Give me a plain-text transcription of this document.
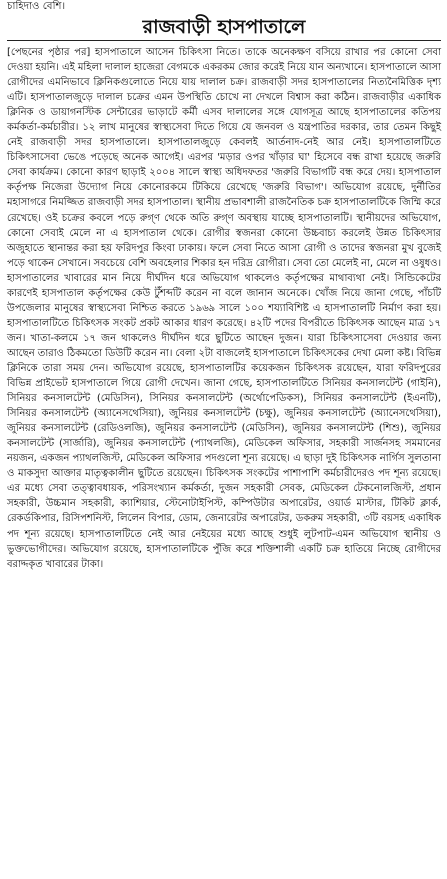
চাহিদাও বেশি।

রাজবাড়ী হাসপাতালে

[পেছনের পৃষ্ঠার পর] হাসপাতালে আসেন চিকিৎসা নিতে। তাকে অনেকক্ষণ বসিয়ে রাখার পর কোনো সেবা দেওয়া হয়নি। এই মহিলা দালাল হাজেরা বেগমকে একরকম জোর করেই নিয়ে যান অন্যখানে। হাসপাতালে আসা রোগীদের এমনিভাবে ক্লিনিকগুলোতে নিয়ে যায় দালাল চক্র। রাজবাড়ী সদর হাসপাতালের নিত্যনৈমিত্তিক দৃশ্য এটি। হাসপাতালজুড়ে দালাল চক্রের এমন উপস্থিতি চোখে না দেখলে বিশ্বাস করা কঠিন। রাজবাড়ীর একাধিক ক্লিনিক ও ডায়াগনস্টিক সেন্টারের ভাড়াটে কর্মী এসব দালালের সঙ্গে যোগসূত্র আছে হাসপাতালের কতিপয় কর্মকর্তা-কর্মচারীর। ১২ লাখ মানুষের স্বাস্থ্যসেবা দিতে গিয়ে যে জনবল ও যন্ত্রপাতির দরকার, তার তেমন কিছুই নেই রাজবাড়ী সদর হাসপাতালে। হাসপাতালজুড়ে কেবলই আর্তনাদ-নেই আর নেই। হাসপাতালটিতে চিকিৎসাসেবা ভেঙে পড়েছে অনেক আগেই। এরপর 'মড়ার ওপর খাঁড়ার ঘা' হিসেবে বন্ধ রাখা হয়েছে জরুরি সেবা কার্যক্রম। কোনো কারণ ছাড়াই ২০০৪ সালে স্বাস্থ্য অধিদফতর 'জরুরি বিভাগটি বন্ধ করে দেয়। হাসপাতাল কর্তৃপক্ষ নিজেরা উদ্যোগ নিয়ে কোনোরকমে টিকিয়ে রেখেছে 'জরুরি বিভাগ'। অভিযোগ রয়েছে, দুর্নীতির মহাসাগরে নিমজ্জিত রাজবাড়ী সদর হাসপাতাল। স্থানীয় প্রভাবশালী রাজনৈতিক চক্র হাসপাতালটিকে জিম্মি করে রেখেছে। ওই চক্রের কবলে পড়ে রুগ্‌ণ থেকে অতি রুগ্‌ণ অবস্থায় যাচ্ছে হাসপাতালটি। স্থানীয়দের অভিযোগ, কোনো সেবাই মেলে না এ হাসপাতাল থেকে। রোগীর স্বজনরা কোনো উচ্চবাচ্য করলেই উন্নত চিকিৎসার অজুহাতে স্থানান্তর করা হয় ফরিদপুর কিংবা ঢাকায়। ফলে সেবা নিতে আসা রোগী ও তাদের স্বজনরা মুখ বুজেই পড়ে থাকেন সেখানে। সবচেয়ে বেশি অবহেলার শিকার হন দরিদ্র রোগীরা। সেবা তো মেলেই না, মেলে না ওষুধও। হাসপাতালের খাবারের মান নিয়ে দীর্ঘদিন ধরে অভিযোগ থাকলেও কর্তৃপক্ষের মাথাব্যথা নেই। সিন্ডিকেটের কারণেই হাসপাতাল কর্তৃপক্ষের কেউ টুঁশব্দটি করেন না বলে জানান অনেকে। খোঁজ নিয়ে জানা গেছে, পাঁচটি উপজেলার মানুষের স্বাস্থ্যসেবা নিশ্চিত করতে ১৯৬৯ সালে ১০০ শয্যাবিশিষ্ট এ হাসপাতালটি নির্মাণ করা হয়। হাসপাতালটিতে চিকিৎসক সংকট প্রকট আকার ধারণ করেছে। ৪২টি পদের বিপরীতে চিকিৎসক আছেন মাত্র ১৭ জন। খাতা-কলমে ১৭ জন থাকলেও দীর্ঘদিন ধরে ছুটিতে আছেন দুজন। যারা চিকিৎসাসেবা দেওয়ার জন্য আছেন তারাও ঠিকমতো ডিউটি করেন না। বেলা ২টা বাজলেই হাসপাতালে চিকিৎসকের দেখা মেলা কষ্ট। বিভিন্ন ক্লিনিকে তারা সময় দেন। অভিযোগ রয়েছে, হাসপাতালটির কয়েকজন চিকিৎসক রয়েছেন, যারা ফরিদপুরের বিভিন্ন প্রাইভেট হাসপাতালে গিয়ে রোগী দেখেন। জানা গেছে, হাসপাতালটিতে সিনিয়র কনসালটেন্ট (গাইনি), সিনিয়র কনসালটেন্ট (মেডিসিন), সিনিয়র কনসালটেন্ট (অর্থোপেডিকস), সিনিয়র কনসালটেন্ট (ইএনটি), সিনিয়র কনসালটেন্ট (অ্যানেসথেসিয়া), জুনিয়র কনসালটেন্ট (চক্ষু), জুনিয়র কনসালটেন্ট (অ্যানেসথেসিয়া), জুনিয়র কনসালটেন্ট (রেডিওলজি), জুনিয়র কনসালটেন্ট (মেডিসিন), জুনিয়র কনসালটেন্ট (শিশু), জুনিয়র কনসালটেন্ট (সার্জারি), জুনিয়র কনসালটেন্ট (প্যাথলজি), মেডিকেল অফিসার, সহকারী সার্জনসহ সমমানের নয়জন, একজন প্যাথলজিস্ট, মেডিকেল অফিসার পদগুলো শূন্য রয়েছে। এ ছাড়া দুই চিকিৎসক নার্গিস সুলতানা ও মাকসুদা আক্তার মাতৃত্বকালীন ছুটিতে রয়েছেন। চিকিৎসক সংকটের পাশাপাশি কর্মচারীদেরও পদ শূন্য রয়েছে। এর মধ্যে সেবা তত্ত্বাবধায়ক, পরিসংখ্যান কর্মকর্তা, দুজন সহকারী সেবক, মেডিকেল টেকনোলজিস্ট, প্রধান সহকারী, উচ্চমান সহকারী, ক্যাশিয়ার, স্টেনোটাইপিস্ট, কম্পিউটার অপারেটর, ওয়ার্ড মাস্টার, টিকিট ক্লার্ক, রেকর্ডকিপার, রিসিপশনিস্ট, লিলেন বিপার, ডোম, জেনারেটর অপারেটর, ডকরুম সহকারী, ৩টি বয়সহ একাধিক পদ শূন্য রয়েছে। হাসপাতালটিতে নেই আর নেইয়ের মধ্যে আছে শুধুই লুটপাট-এমন অভিযোগ স্থানীয় ও ভুক্তভোগীদের। অভিযোগ রয়েছে, হাসপাতালটিকে পুঁজি করে শক্তিশালী একটি চক্র হাতিয়ে নিচ্ছে রোগীদের বরাদ্দকৃত খাবারের টাকা।
